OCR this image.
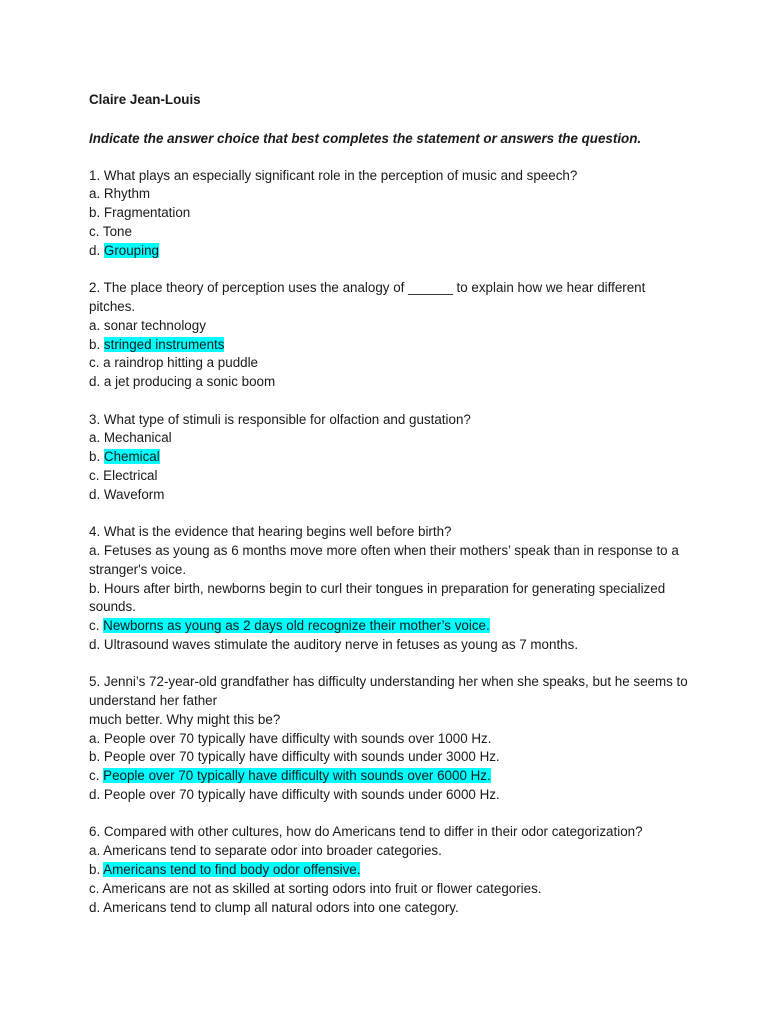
Claire Jean-Louis
Indicate the answer choice that best completes the statement or answers the question.
1. What plays an especially significant role in the perception of music and speech?
a. Rhythm
b. Fragmentation
c. Tone
d. Grouping
2. The place theory of perception uses the analogy of ______ to explain how we hear different pitches.
a. sonar technology
b. stringed instruments
c. a raindrop hitting a puddle
d. a jet producing a sonic boom
3. What type of stimuli is responsible for olfaction and gustation?
a. Mechanical
b. Chemical
c. Electrical
d. Waveform
4. What is the evidence that hearing begins well before birth?
a. Fetuses as young as 6 months move more often when their mothers’ speak than in response to a stranger's voice.
b. Hours after birth, newborns begin to curl their tongues in preparation for generating specialized sounds.
c. Newborns as young as 2 days old recognize their mother’s voice.
d. Ultrasound waves stimulate the auditory nerve in fetuses as young as 7 months.
5. Jenni’s 72-year-old grandfather has difficulty understanding her when she speaks, but he seems to understand her father
much better. Why might this be?
a. People over 70 typically have difficulty with sounds over 1000 Hz.
b. People over 70 typically have difficulty with sounds under 3000 Hz.
c. People over 70 typically have difficulty with sounds over 6000 Hz.
d. People over 70 typically have difficulty with sounds under 6000 Hz.
6. Compared with other cultures, how do Americans tend to differ in their odor categorization?
a. Americans tend to separate odor into broader categories.
b. Americans tend to find body odor offensive.
c. Americans are not as skilled at sorting odors into fruit or flower categories.
d. Americans tend to clump all natural odors into one category.
